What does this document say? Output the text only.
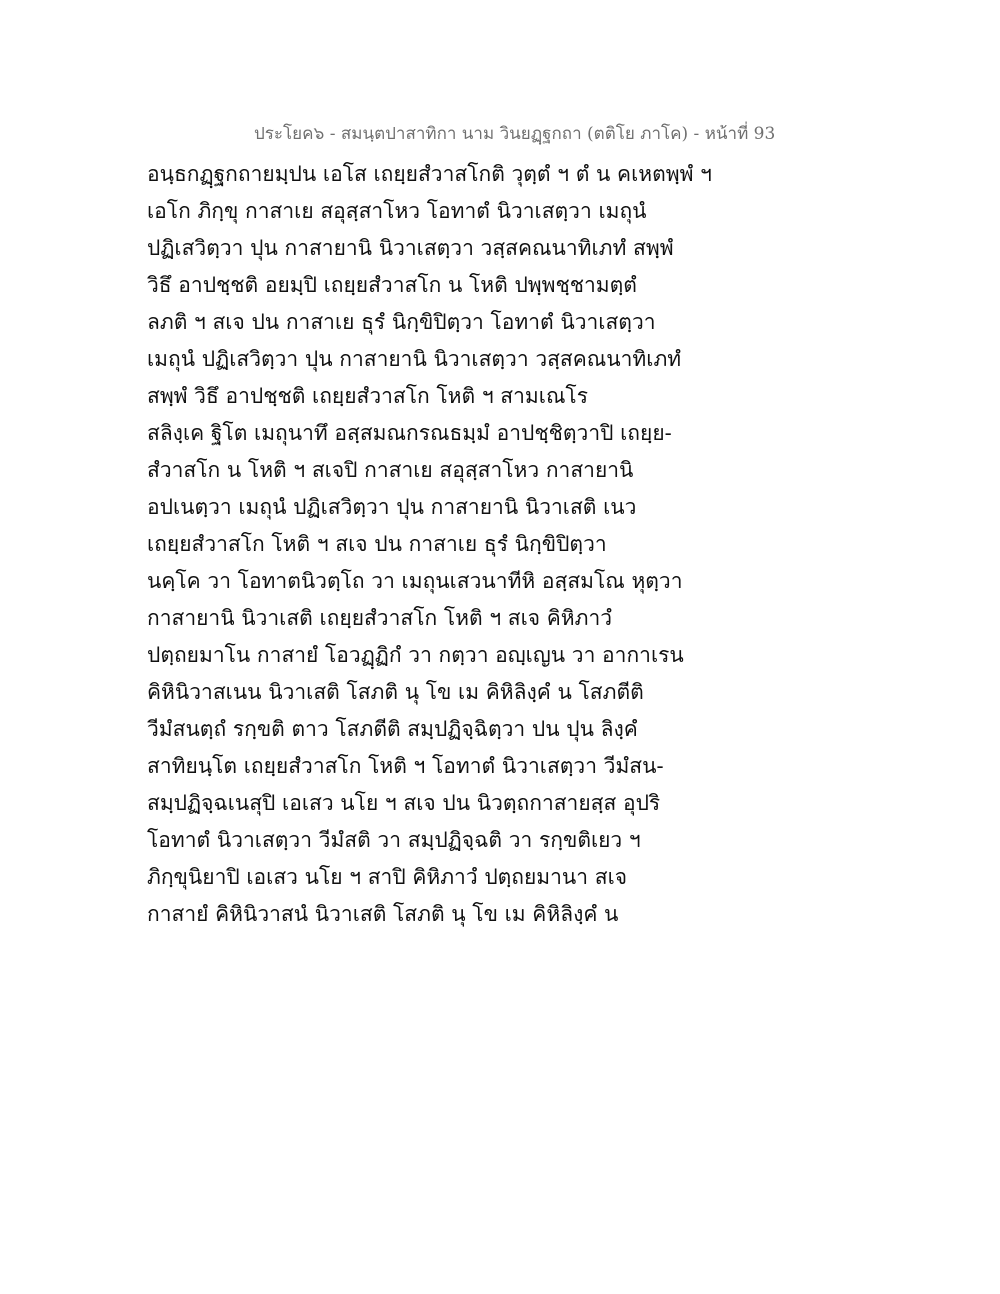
ประโยค๖ - สมนฺตปาสาทิกา นาม วินยฏฺฐกถา (ตติโย ภาโค) - หน้าที่ 93
อนฺธกฏฺฐกถายมฺปน เอโส เถยฺยสํวาสโกติ วุตฺตํ ฯ ตํ น คเหตพฺพํ ฯ
เอโก ภิกฺขุ กาสาเย สอุสฺสาโหว โอทาตํ นิวาเสตฺวา เมถุนํ
ปฏิเสวิตฺวา ปุน กาสายานิ นิวาเสตฺวา วสฺสคณนาทิเภทํ สพฺพํ
วิธึ อาปชฺชติ อยมฺปิ เถยฺยสํวาสโก น โหติ ปพฺพชฺชามตฺตํ
ลภติ ฯ สเจ ปน กาสาเย ธุรํ นิกฺขิปิตฺวา โอทาตํ นิวาเสตฺวา
เมถุนํ ปฏิเสวิตฺวา ปุน กาสายานิ นิวาเสตฺวา วสฺสคณนาทิเภทํ
สพฺพํ วิธึ อาปชฺชติ เถยฺยสํวาสโก โหติ ฯ สามเณโร
สลิงฺเค ฐิโต เมถุนาทึ อสฺสมณกรณธมฺมํ อาปชฺชิตฺวาปิ เถยฺย-
สํวาสโก น โหติ ฯ สเจปิ กาสาเย สอุสฺสาโหว กาสายานิ
อปเนตฺวา เมถุนํ ปฏิเสวิตฺวา ปุน กาสายานิ นิวาเสติ เนว
เถยฺยสํวาสโก โหติ ฯ สเจ ปน กาสาเย ธุรํ นิกฺขิปิตฺวา
นคฺโค วา โอทาตนิวตฺโถ วา เมถุนเสวนาทีหิ อสฺสมโณ หุตฺวา
กาสายานิ นิวาเสติ เถยฺยสํวาสโก โหติ ฯ สเจ คิหิภาวํ
ปตฺถยมาโน กาสายํ โอวฏฺฏิกํ วา กตฺวา อญฺเญน วา อากาเรน
คิหินิวาสเนน นิวาเสติ โสภติ นุ โข เม คิหิลิงฺคํ น โสภตีติ
วีมํสนตฺถํ รกฺขติ ตาว โสภตีติ สมฺปฏิจฺฉิตฺวา ปน ปุน ลิงฺคํ
สาทิยนฺโต เถยฺยสํวาสโก โหติ ฯ โอทาตํ นิวาเสตฺวา วีมํสน-
สมฺปฏิจฺฉเนสุปิ เอเสว นโย ฯ สเจ ปน นิวตฺถกาสายสฺส อุปริ
โอทาตํ นิวาเสตฺวา วีมํสติ วา สมฺปฏิจฺฉติ วา รกฺขติเยว ฯ
ภิกฺขุนิยาปิ เอเสว นโย ฯ สาปิ คิหิภาวํ ปตฺถยมานา สเจ
กาสายํ คิหินิวาสนํ นิวาเสติ โสภติ นุ โข เม คิหิลิงฺคํ น
